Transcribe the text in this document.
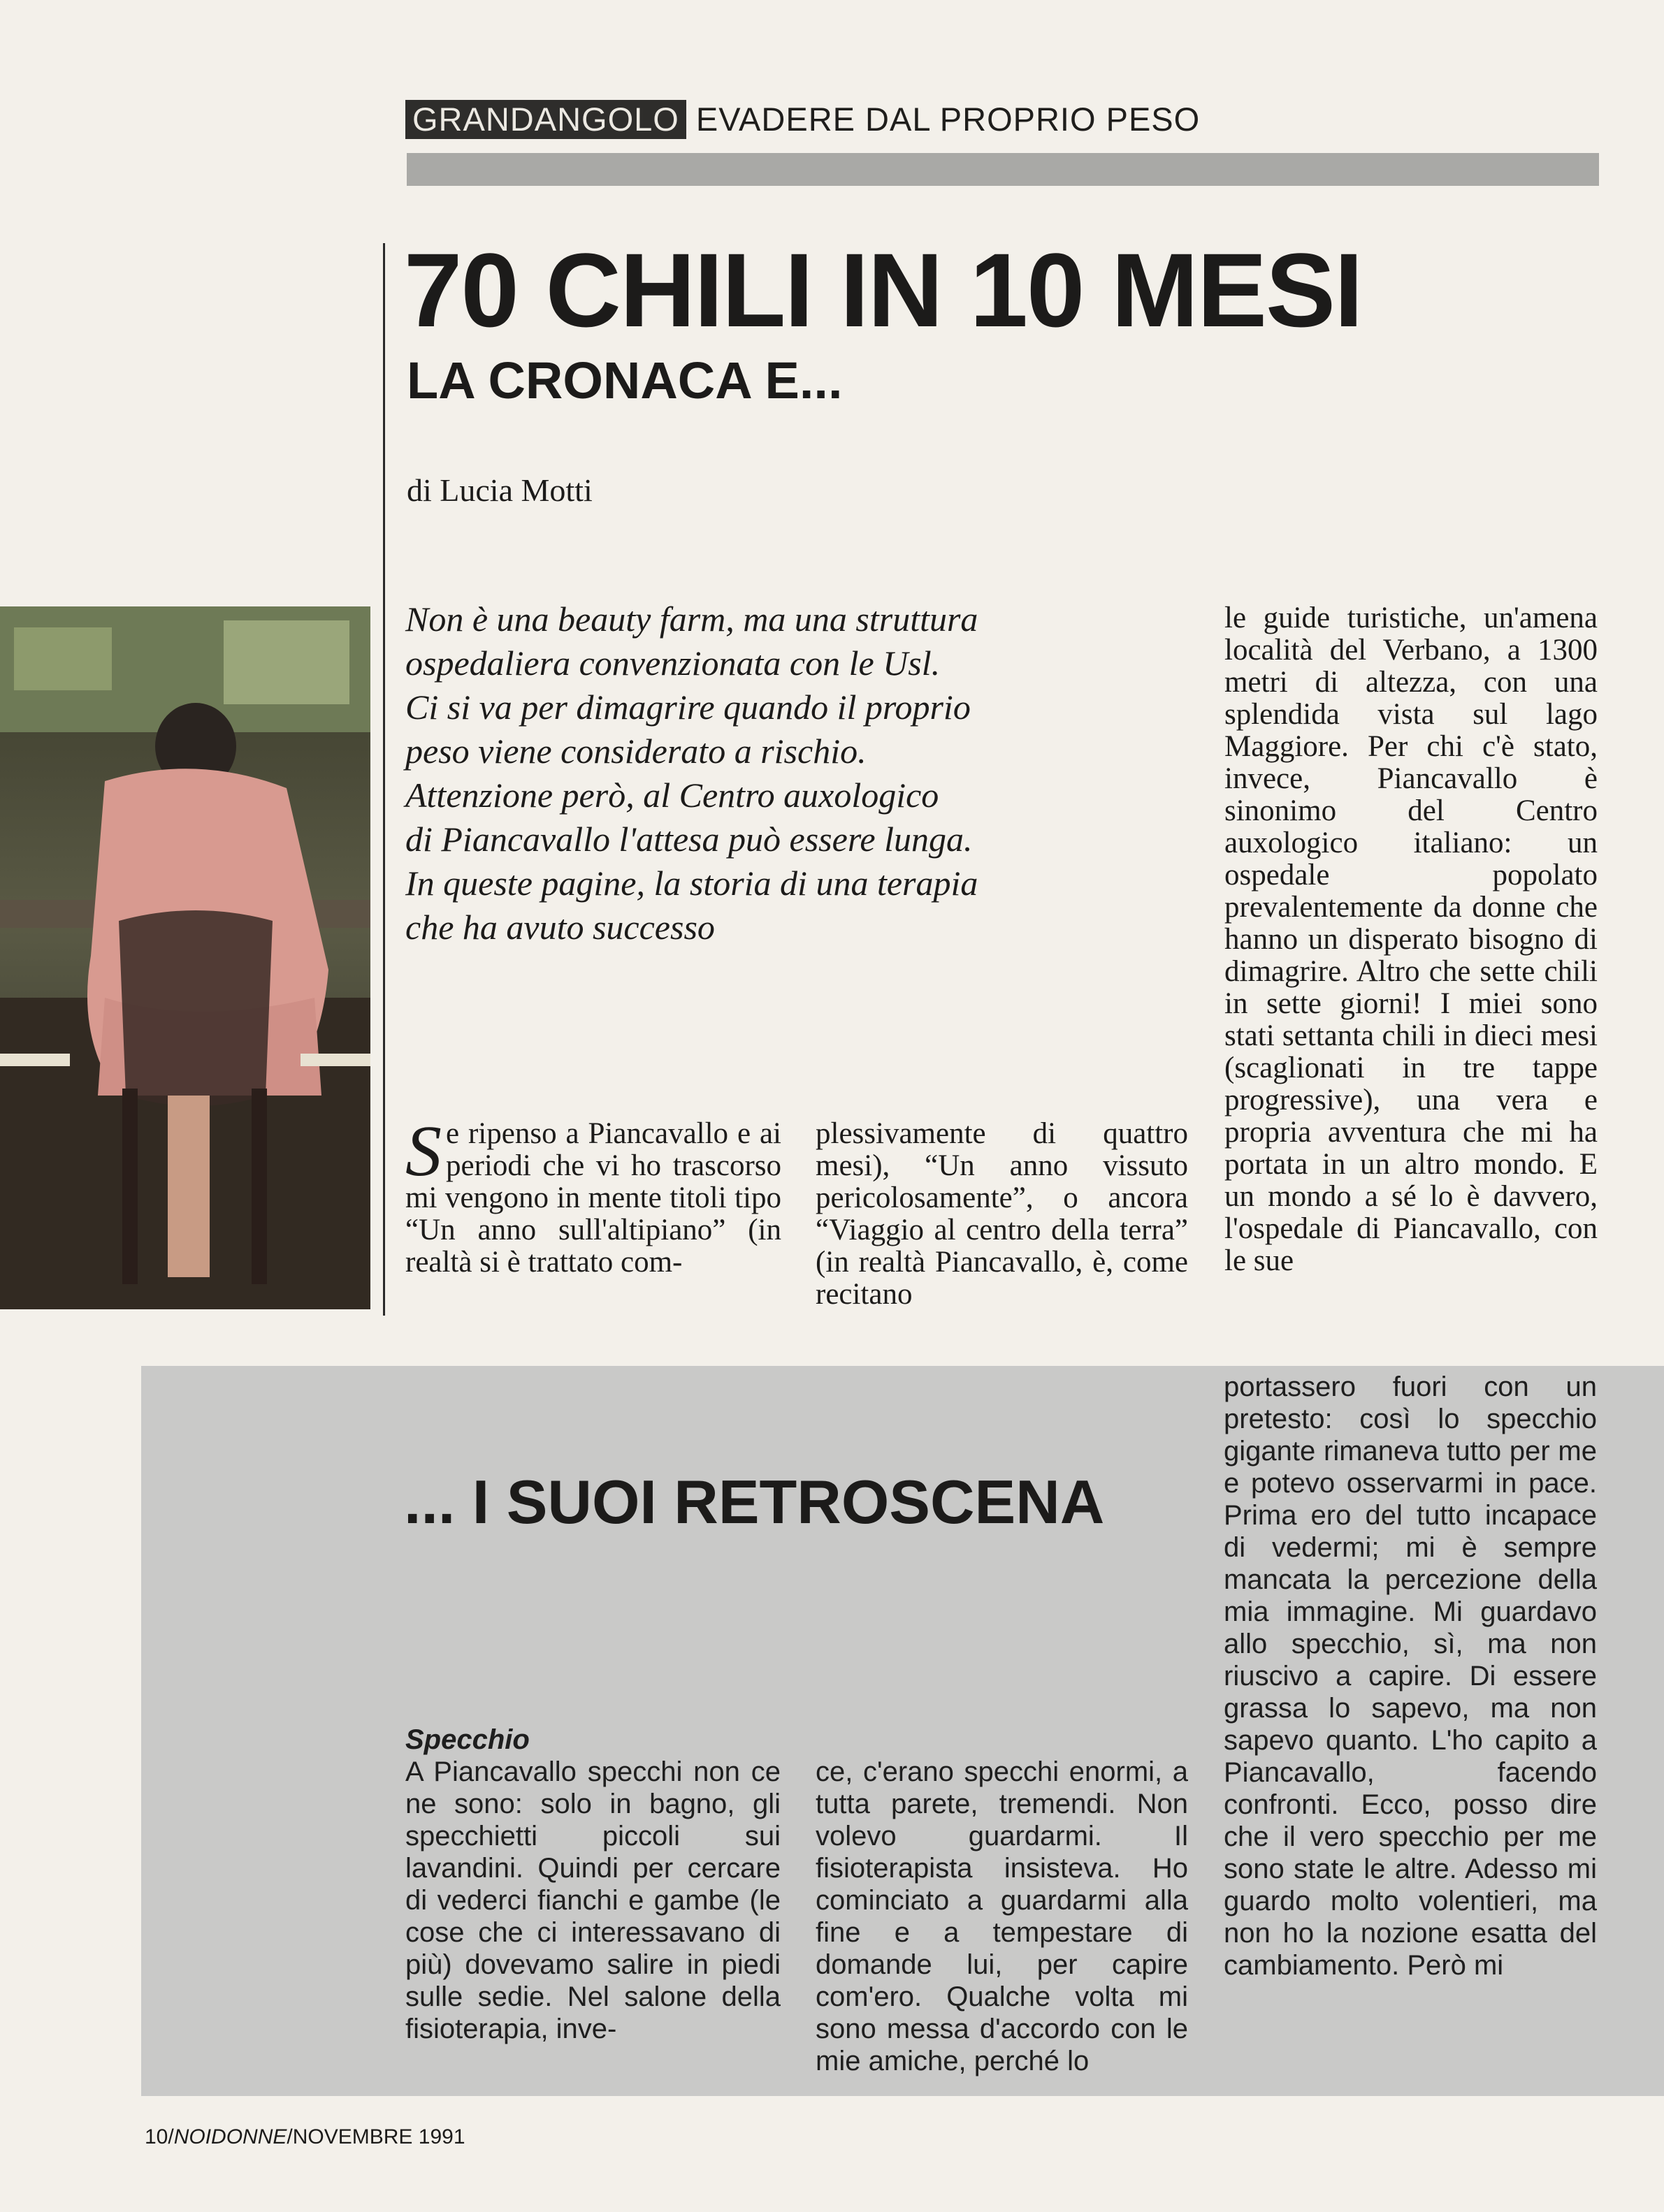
GRANDANGOLO EVADERE DAL PROPRIO PESO
70 CHILI IN 10 MESI
LA CRONACA E...
di Lucia Motti

Non è una beauty farm, ma una struttura

ospedaliera convenzionata con le Usl.

Ci si va per dimagrire quando il proprio

peso viene considerato a rischio.

Attenzione però, al Centro auxologico

di Piancavallo l'attesa può essere lunga.

In queste pagine, la storia di una terapia

che ha avuto successo

Se ripenso a Piancavallo e ai periodi che vi ho trascorso mi vengono in mente titoli tipo “Un anno sull'altipiano” (in realtà si è trattato com-
plessivamente di quattro mesi), “Un anno vissuto pericolosamente”, o ancora “Viaggio al centro della terra” (in realtà Piancavallo, è, come recitano
le guide turistiche, un'amena località del Verbano, a 1300 metri di altezza, con una splendida vista sul lago Maggiore. Per chi c'è stato, invece, Piancavallo è sinonimo del Centro auxologico italiano: un ospedale popolato prevalentemente da donne che hanno un disperato bisogno di dimagrire. Altro che sette chili in sette giorni! I miei sono stati settanta chili in dieci mesi (scaglionati in tre tappe progressive), una vera e propria avventura che mi ha portata in un altro mondo. E un mondo a sé lo è davvero, l'ospedale di Piancavallo, con le sue
... I SUOI RETROSCENA
Specchio
A Piancavallo specchi non ce ne sono: solo in bagno, gli specchietti piccoli sui lavandini. Quindi per cercare di vederci fianchi e gambe (le cose che ci interessavano di più) dovevamo salire in piedi sulle sedie. Nel salone della fisioterapia, inve-
ce, c'erano specchi enormi, a tutta parete, tremendi. Non volevo guardarmi. Il fisioterapista insisteva. Ho cominciato a guardarmi alla fine e a tempestare di domande lui, per capire com'ero. Qualche volta mi sono messa d'accordo con le mie amiche, perché lo
portassero fuori con un pretesto: così lo specchio gigante rimaneva tutto per me e potevo osservarmi in pace. Prima ero del tutto incapace di vedermi; mi è sempre mancata la percezione della mia immagine. Mi guardavo allo specchio, sì, ma non riuscivo a capire. Di essere grassa lo sapevo, ma non sapevo quanto. L'ho capito a Piancavallo, facendo confronti. Ecco, posso dire che il vero specchio per me sono state le altre. Adesso mi guardo molto volentieri, ma non ho la nozione esatta del cambiamento. Però mi
10/NOIDONNE/NOVEMBRE 1991
